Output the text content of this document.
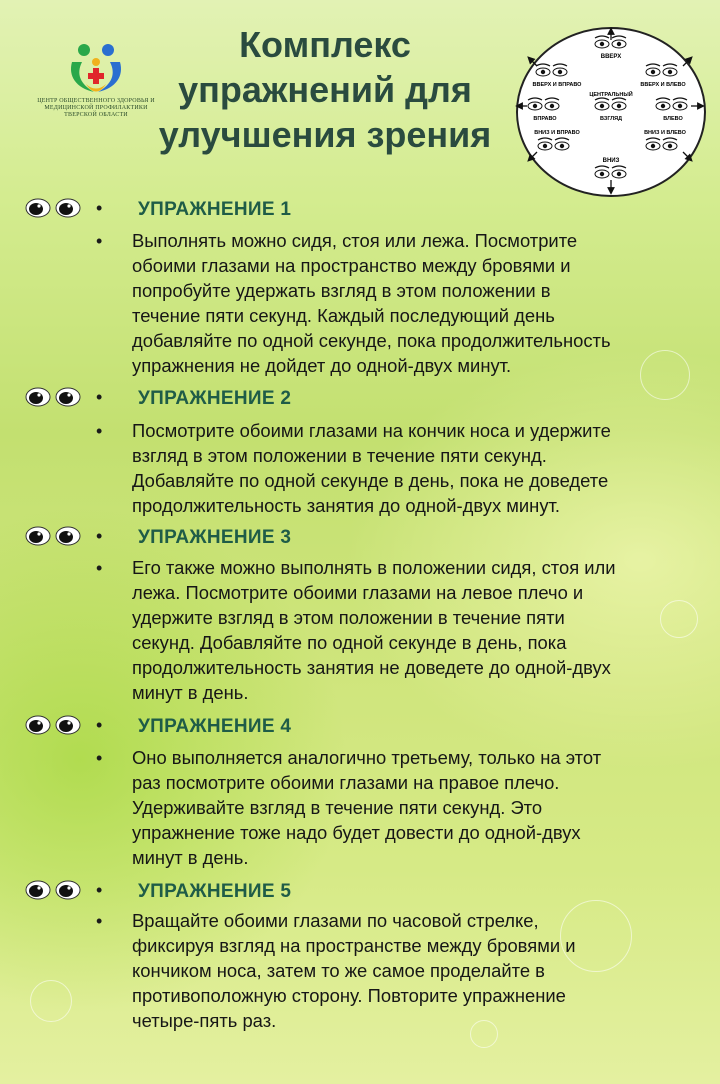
ЦЕНТР ОБЩЕСТВЕННОГО ЗДОРОВЬЯ И МЕДИЦИНСКОЙ ПРОФИЛАКТИКИ ТВЕРСКОЙ ОБЛАСТИ
Комплекс
упражнений для
улучшения зрения
ВВЕРХ
ВВЕРХ И ВПРАВО	ВВЕРХ И ВЛЕВО
ЦЕНТРАЛЬНЫЙ
ВЗГЛЯД
ВПРАВО	ВЛЕВО
ВНИЗ И ВПРАВО	ВНИЗ И ВЛЕВО
ВНИЗ
• УПРАЖНЕНИЕ 1
• Выполнять можно сидя, стоя или лежа. Посмотрите
обоими глазами на пространство между бровями и
попробуйте удержать взгляд в этом положении в
течение пяти секунд. Каждый последующий день
добавляйте по одной секунде, пока продолжительность
упражнения не дойдет до одной-двух минут.

• УПРАЖНЕНИЕ 2
• Посмотрите обоими глазами на кончик носа и удержите
взгляд в этом положении в течение пяти секунд.
Добавляйте по одной секунде в день, пока не доведете
продолжительность занятия до одной-двух минут.

• УПРАЖНЕНИЕ 3
• Его также можно выполнять в положении сидя, стоя или
лежа. Посмотрите обоими глазами на левое плечо и
удержите взгляд в этом положении в течение пяти
секунд. Добавляйте по одной секунде в день, пока
продолжительность занятия не доведете до одной-двух
минут в день.

• УПРАЖНЕНИЕ 4
• Оно выполняется аналогично третьему, только на этот
раз посмотрите обоими глазами на правое плечо.
Удерживайте взгляд в течение пяти секунд. Это
упражнение тоже надо будет довести до одной-двух
минут в день.

• УПРАЖНЕНИЕ 5
• Вращайте обоими глазами по часовой стрелке,
фиксируя взгляд на пространстве между бровями и
кончиком носа, затем то же самое проделайте в
противоположную сторону. Повторите упражнение
четыре-пять раз.
